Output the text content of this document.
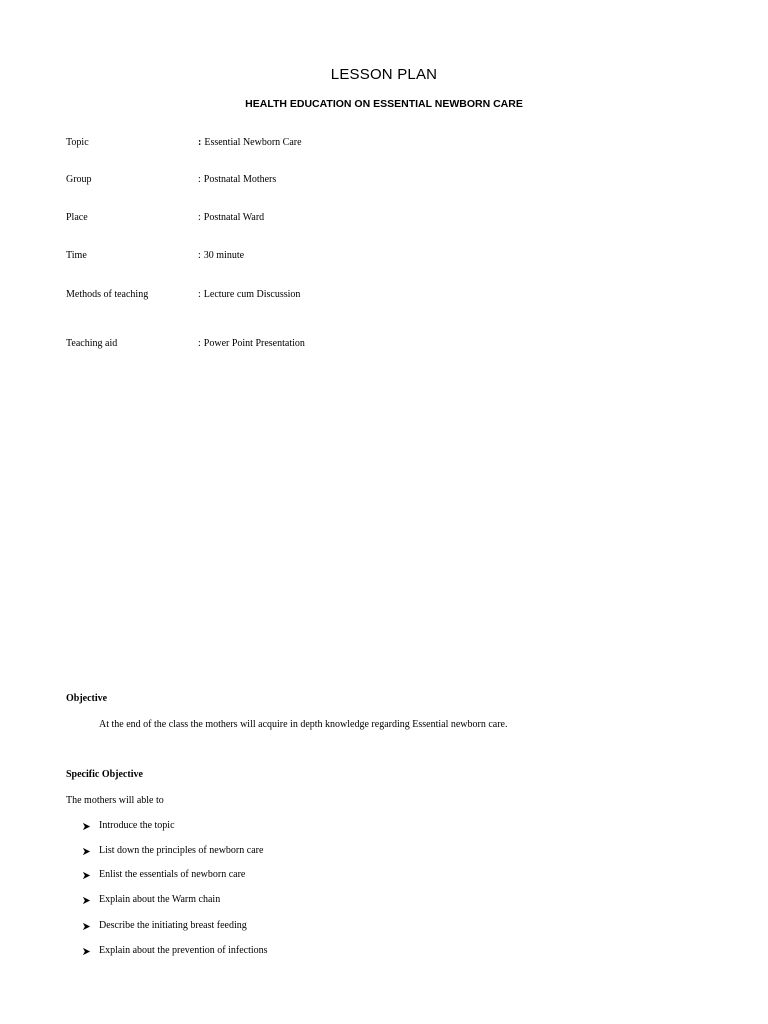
LESSON PLAN
HEALTH EDUCATION ON ESSENTIAL NEWBORN CARE
Topic	: Essential Newborn Care
Group	: Postnatal Mothers
Place	: Postnatal Ward
Time	: 30 minute
Methods of teaching	: Lecture cum Discussion
Teaching aid	: Power Point Presentation
Objective
At the end of the class the mothers will acquire in depth knowledge regarding Essential newborn care.
Specific Objective
The mothers will able to
Introduce the topic
List down the principles of newborn care
Enlist the essentials of newborn care
Explain about the Warm chain
Describe the initiating breast feeding
Explain about the prevention of infections
